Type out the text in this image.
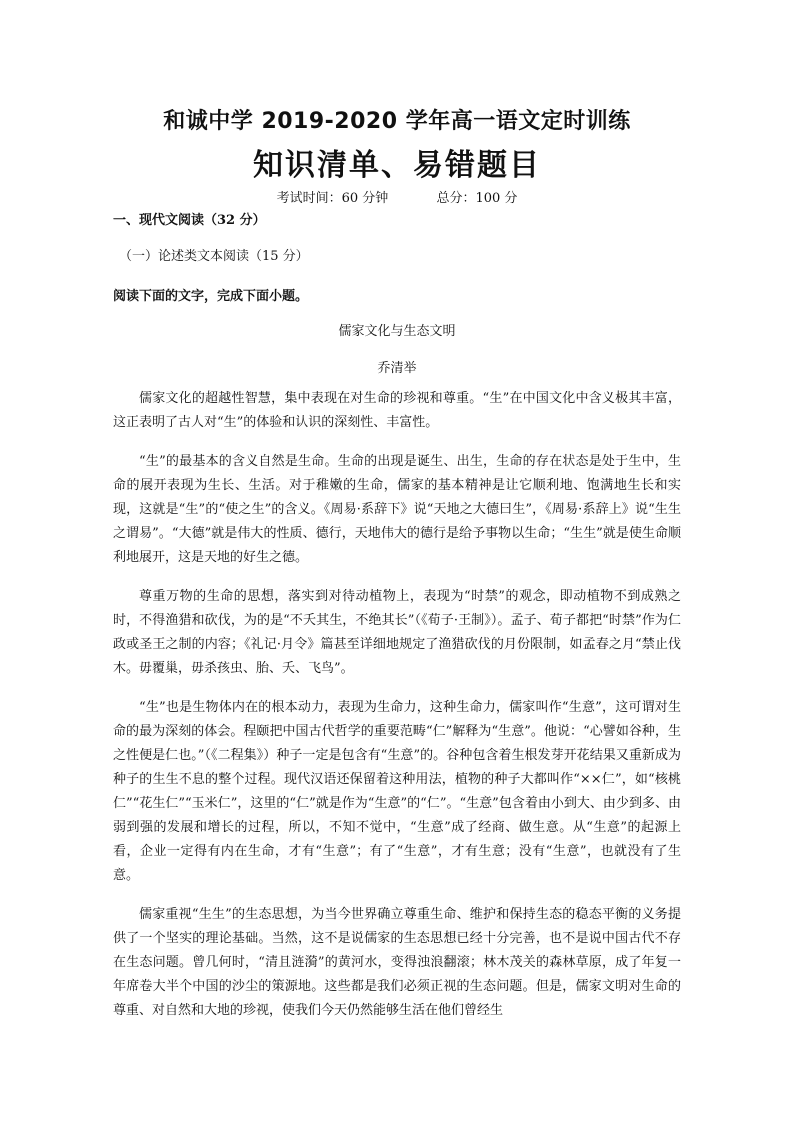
和诚中学 2019-2020 学年高一语文定时训练
知识清单、易错题目
考试时间：60 分钟	总分：100 分
一、现代文阅读（32 分）
（一）论述类文本阅读（15 分）
阅读下面的文字，完成下面小题。
儒家文化与生态文明
乔清举

儒家文化的超越性智慧，集中表现在对生命的珍视和尊重。“生”在中国文化中含义极其丰富，这正表明了古人对“生”的体验和认识的深刻性、丰富性。

“生”的最基本的含义自然是生命。生命的出现是诞生、出生，生命的存在状态是处于生中，生命的展开表现为生长、生活。对于稚嫩的生命，儒家的基本精神是让它顺利地、饱满地生长和实现，这就是“生”的“使之生”的含义。《周易·系辞下》说“天地之大德曰生”，《周易·系辞上》说“生生之谓易”。“大德”就是伟大的性质、德行，天地伟大的德行是给予事物以生命；“生生”就是使生命顺利地展开，这是天地的好生之德。

尊重万物的生命的思想，落实到对待动植物上，表现为“时禁”的观念，即动植物不到成熟之时，不得渔猎和砍伐，为的是“不夭其生，不绝其长”（《荀子·王制》）。孟子、荀子都把“时禁”作为仁政或圣王之制的内容；《礼记·月令》篇甚至详细地规定了渔猎砍伐的月份限制，如孟春之月“禁止伐木。毋覆巢，毋杀孩虫、胎、夭、飞鸟”。

“生”也是生物体内在的根本动力，表现为生命力，这种生命力，儒家叫作“生意”，这可谓对生命的最为深刻的体会。程颐把中国古代哲学的重要范畴“仁”解释为“生意”。他说：“心譬如谷种，生之性便是仁也。”（《二程集》）种子一定是包含有“生意”的。谷种包含着生根发芽开花结果又重新成为种子的生生不息的整个过程。现代汉语还保留着这种用法，植物的种子大都叫作“××仁”，如“核桃仁”“花生仁”“玉米仁”，这里的“仁”就是作为“生意”的“仁”。“生意”包含着由小到大、由少到多、由弱到强的发展和增长的过程，所以，不知不觉中，“生意”成了经商、做生意。从“生意”的起源上看，企业一定得有内在生命，才有“生意”；有了“生意”，才有生意；没有“生意”，也就没有了生意。

儒家重视“生生”的生态思想，为当今世界确立尊重生命、维护和保持生态的稳态平衡的义务提供了一个坚实的理论基础。当然，这不是说儒家的生态思想已经十分完善，也不是说中国古代不存在生态问题。曾几何时，“清且涟漪”的黄河水，变得浊浪翻滚；林木茂关的森林草原，成了年复一年席卷大半个中国的沙尘的策源地。这些都是我们必须正视的生态问题。但是，儒家文明对生命的尊重、对自然和大地的珍视，使我们今天仍然能够生活在他们曾经生
